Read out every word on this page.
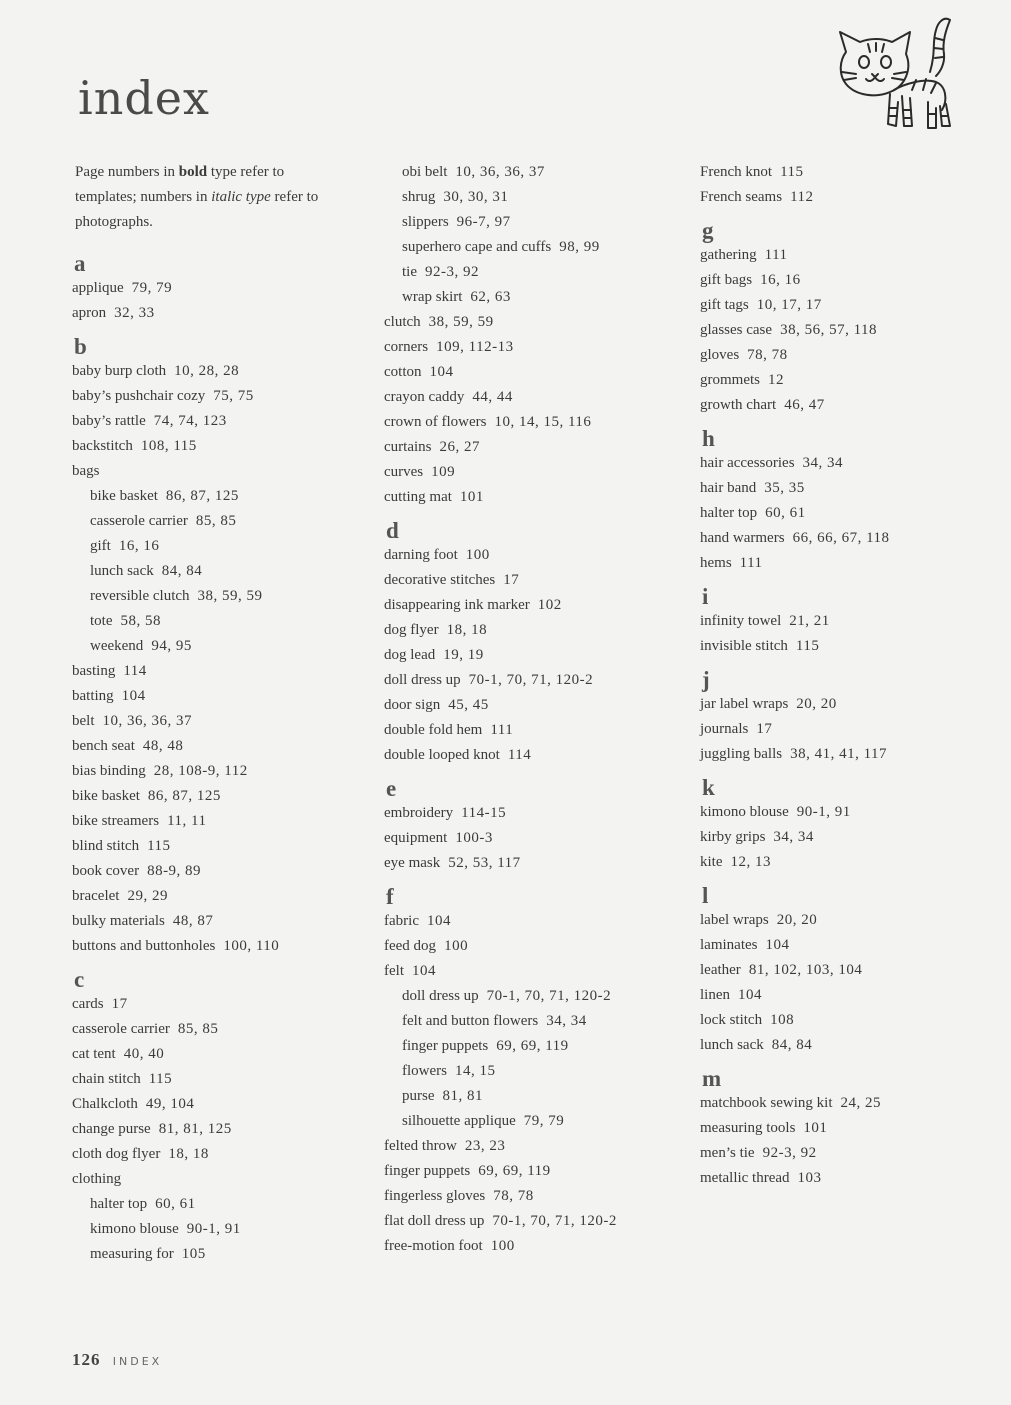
index

Page numbers in bold type refer to templates; numbers in italic type refer to photographs.

a
applique 79, 79
apron 32, 33
b
baby burp cloth 10, 28, 28
baby’s pushchair cozy 75, 75
baby’s rattle 74, 74, 123
backstitch 108, 115
bags
bike basket 86, 87, 125
casserole carrier 85, 85
gift 16, 16
lunch sack 84, 84
reversible clutch 38, 59, 59
tote 58, 58
weekend 94, 95
basting 114
batting 104
belt 10, 36, 36, 37
bench seat 48, 48
bias binding 28, 108-9, 112
bike basket 86, 87, 125
bike streamers 11, 11
blind stitch 115
book cover 88-9, 89
bracelet 29, 29
bulky materials 48, 87
buttons and buttonholes 100, 110
c
cards 17
casserole carrier 85, 85
cat tent 40, 40
chain stitch 115
Chalkcloth 49, 104
change purse 81, 81, 125
cloth dog flyer 18, 18
clothing
halter top 60, 61
kimono blouse 90-1, 91
measuring for 105
obi belt 10, 36, 36, 37
shrug 30, 30, 31
slippers 96-7, 97
superhero cape and cuffs 98, 99
tie 92-3, 92
wrap skirt 62, 63
clutch 38, 59, 59
corners 109, 112-13
cotton 104
crayon caddy 44, 44
crown of flowers 10, 14, 15, 116
curtains 26, 27
curves 109
cutting mat 101
d
darning foot 100
decorative stitches 17
disappearing ink marker 102
dog flyer 18, 18
dog lead 19, 19
doll dress up 70-1, 70, 71, 120-2
door sign 45, 45
double fold hem 111
double looped knot 114
e
embroidery 114-15
equipment 100-3
eye mask 52, 53, 117
f
fabric 104
feed dog 100
felt 104
doll dress up 70-1, 70, 71, 120-2
felt and button flowers 34, 34
finger puppets 69, 69, 119
flowers 14, 15
purse 81, 81
silhouette applique 79, 79
felted throw 23, 23
finger puppets 69, 69, 119
fingerless gloves 78, 78
flat doll dress up 70-1, 70, 71, 120-2
free-motion foot 100
French knot 115
French seams 112
g
gathering 111
gift bags 16, 16
gift tags 10, 17, 17
glasses case 38, 56, 57, 118
gloves 78, 78
grommets 12
growth chart 46, 47
h
hair accessories 34, 34
hair band 35, 35
halter top 60, 61
hand warmers 66, 66, 67, 118
hems 111
i
infinity towel 21, 21
invisible stitch 115
j
jar label wraps 20, 20
journals 17
juggling balls 38, 41, 41, 117
k
kimono blouse 90-1, 91
kirby grips 34, 34
kite 12, 13
l
label wraps 20, 20
laminates 104
leather 81, 102, 103, 104
linen 104
lock stitch 108
lunch sack 84, 84
m
matchbook sewing kit 24, 25
measuring tools 101
men’s tie 92-3, 92
metallic thread 103
126 INDEX
